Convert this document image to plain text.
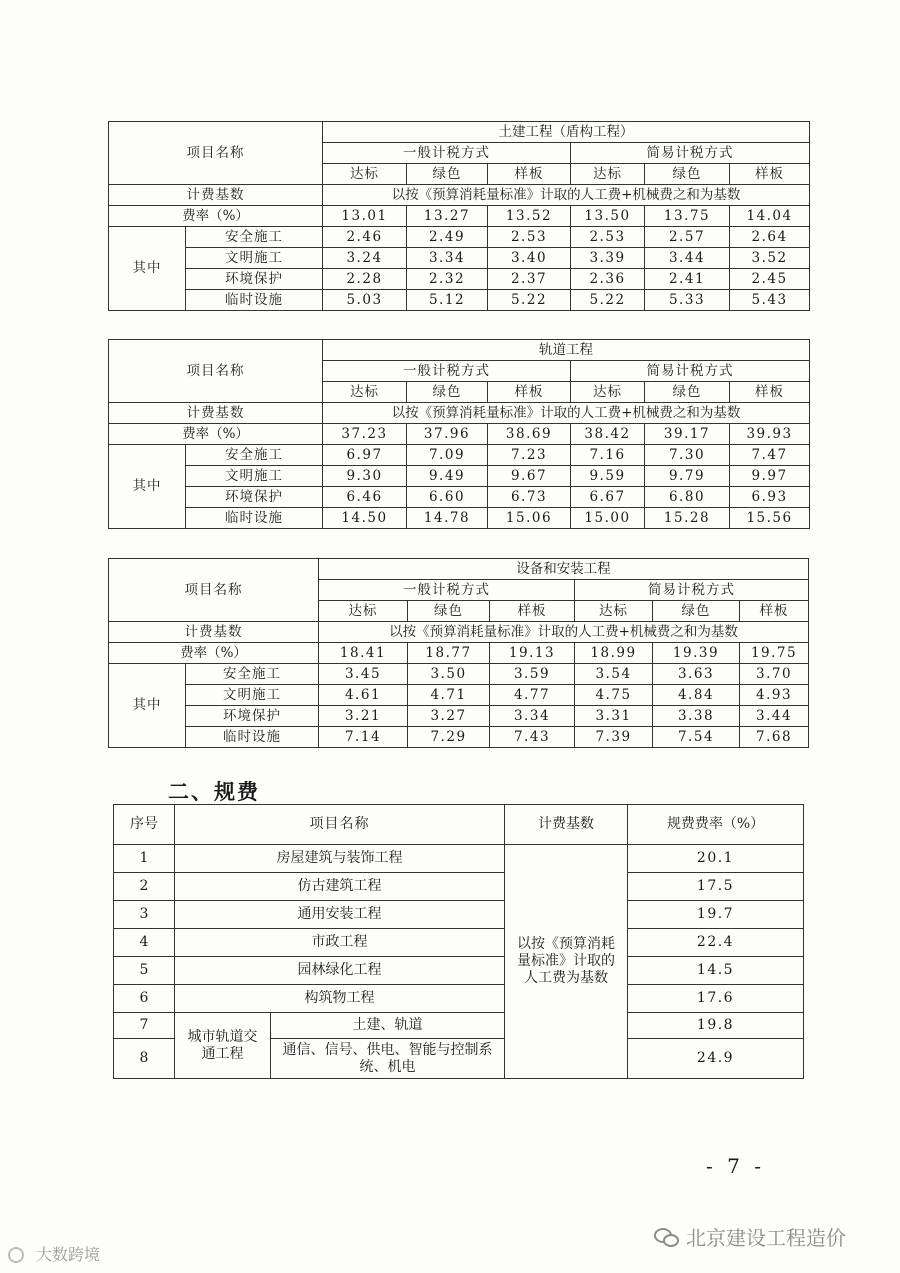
项目名称		土建工程（盾构工程）					
		一般计税方式			简易计税方式		
		达标	绿色	样板	达标	绿色	样板
计费基数		以按《预算消耗量标准》计取的人工费+机械费之和为基数					
费率（%）		13.01	13.27	13.52	13.50	13.75	14.04
其中	安全施工	2.46	2.49	2.53	2.53	2.57	2.64
	文明施工	3.24	3.34	3.40	3.39	3.44	3.52
	环境保护	2.28	2.32	2.37	2.36	2.41	2.45
	临时设施	5.03	5.12	5.22	5.22	5.33	5.43
项目名称		轨道工程					
		一般计税方式			简易计税方式		
		达标	绿色	样板	达标	绿色	样板
计费基数		以按《预算消耗量标准》计取的人工费+机械费之和为基数					
费率（%）		37.23	37.96	38.69	38.42	39.17	39.93
其中	安全施工	6.97	7.09	7.23	7.16	7.30	7.47
	文明施工	9.30	9.49	9.67	9.59	9.79	9.97
	环境保护	6.46	6.60	6.73	6.67	6.80	6.93
	临时设施	14.50	14.78	15.06	15.00	15.28	15.56
项目名称		设备和安装工程					
		一般计税方式			简易计税方式		
		达标	绿色	样板	达标	绿色	样板
计费基数		以按《预算消耗量标准》计取的人工费+机械费之和为基数					
费率（%）		18.41	18.77	19.13	18.99	19.39	19.75
其中	安全施工	3.45	3.50	3.59	3.54	3.63	3.70
	文明施工	4.61	4.71	4.77	4.75	4.84	4.93
	环境保护	3.21	3.27	3.34	3.31	3.38	3.44
	临时设施	7.14	7.29	7.43	7.39	7.54	7.68
二、规费
序号	项目名称		计费基数	规费费率（%）
1	房屋建筑与装饰工程		以按《预算消耗量标准》计取的人工费为基数	20.1
2	仿古建筑工程			17.5
3	通用安装工程			19.7
4	市政工程			22.4
5	园林绿化工程			14.5
6	构筑物工程			17.6
7	城市轨道交通工程	土建、轨道		19.8
8		通信、信号、供电、智能与控制系统、机电		24.9
- 7 -
北京建设工程造价
大数跨境
